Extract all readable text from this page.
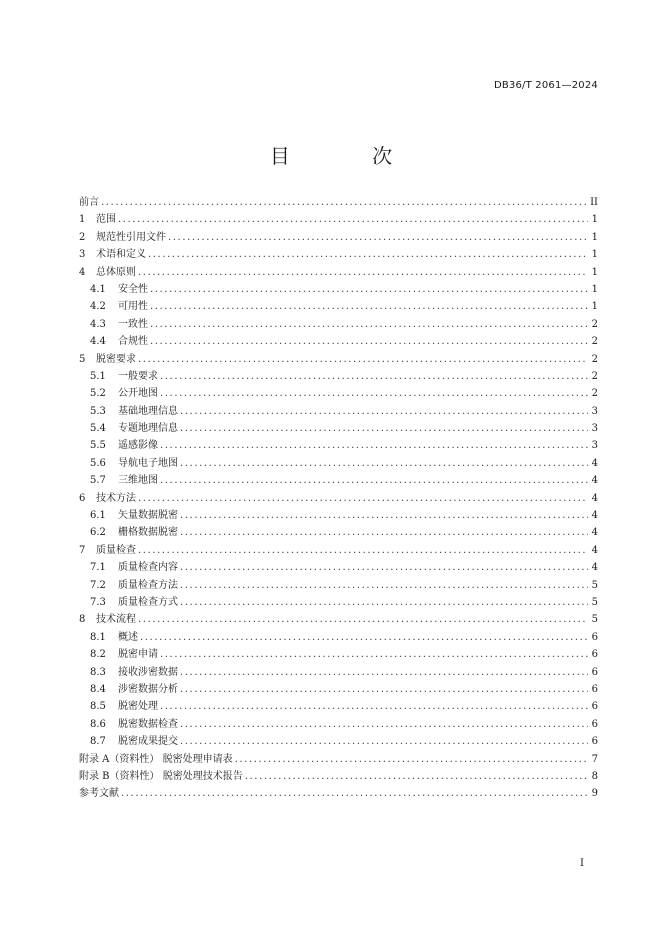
DB36/T 2061—2024
目 次
前言 .....	II
1	范围 .....	1
2	规范性引用文件 .....	1
3	术语和定义 .....	1
4	总体原则 .....	1
4.1	安全性 .....	1
4.2	可用性 .....	1
4.3	一致性 .....	2
4.4	合规性 .....	2
5	脱密要求 .....	2
5.1	一般要求 .....	2
5.2	公开地图 .....	2
5.3	基础地理信息 .....	3
5.4	专题地理信息 .....	3
5.5	遥感影像 .....	3
5.6	导航电子地图 .....	4
5.7	三维地图 .....	4
6	技术方法 .....	4
6.1	矢量数据脱密 .....	4
6.2	栅格数据脱密 .....	4
7	质量检查 .....	4
7.1	质量检查内容 .....	4
7.2	质量检查方法 .....	5
7.3	质量检查方式 .....	5
8	技术流程 .....	5
8.1	概述 .....	6
8.2	脱密申请 .....	6
8.3	接收涉密数据 .....	6
8.4	涉密数据分析 .....	6
8.5	脱密处理 .....	6
8.6	脱密数据检查 .....	6
8.7	脱密成果提交 .....	6
附录 A（资料性） 脱密处理申请表 .....	7
附录 B（资料性） 脱密处理技术报告 .....	8
参考文献 .....	9
I
